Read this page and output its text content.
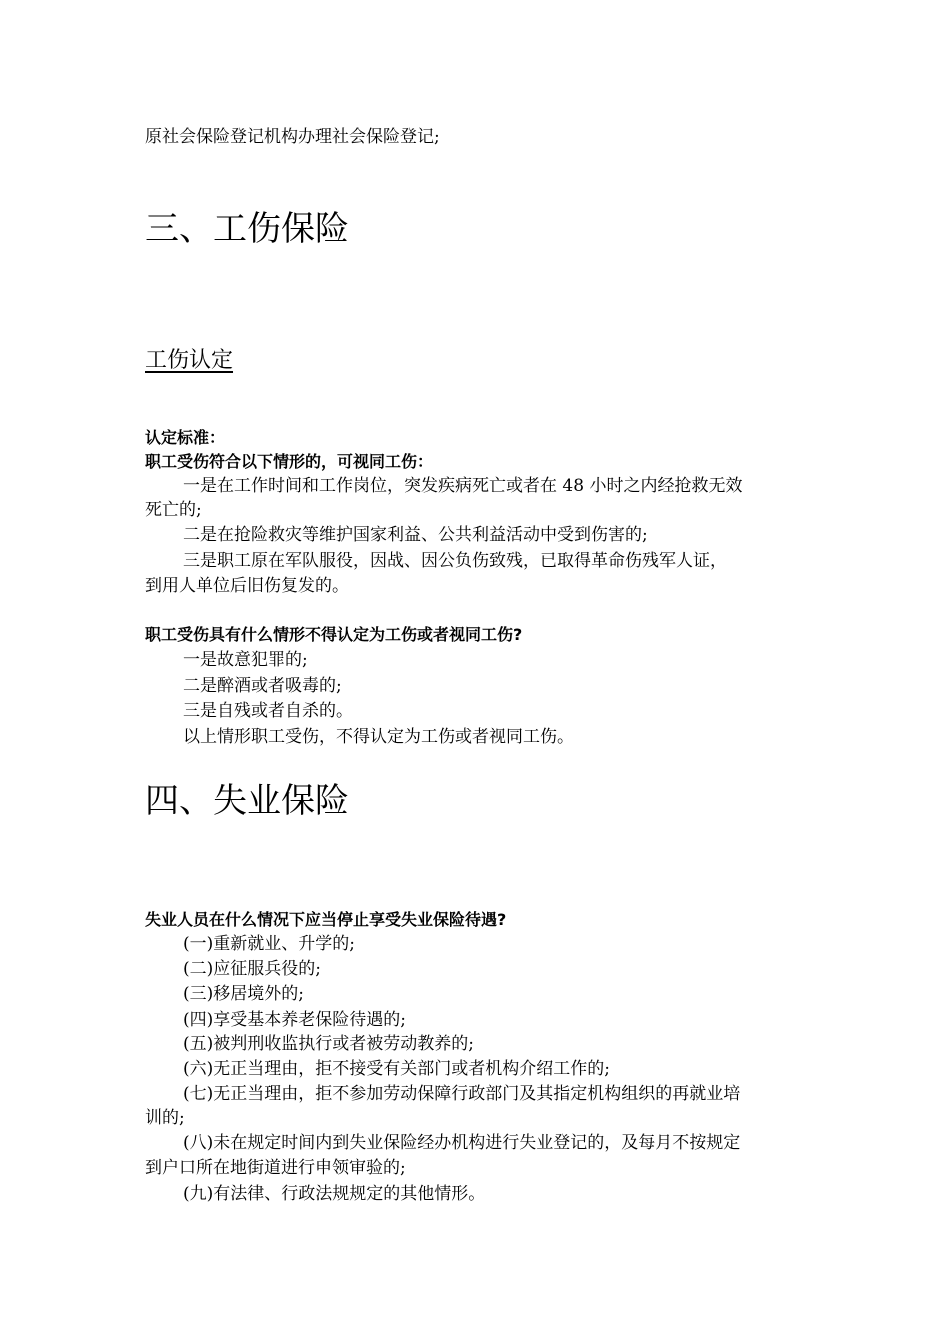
原社会保险登记机构办理社会保险登记;
三、工伤保险
工伤认定
认定标准：
职工受伤符合以下情形的，可视同工伤：
一是在工作时间和工作岗位，突发疾病死亡或者在 48 小时之内经抢救无效
死亡的;
二是在抢险救灾等维护国家利益、公共利益活动中受到伤害的;
三是职工原在军队服役，因战、因公负伤致残，已取得革命伤残军人证，
到用人单位后旧伤复发的。
职工受伤具有什么情形不得认定为工伤或者视同工伤?
一是故意犯罪的;
二是醉酒或者吸毒的;
三是自残或者自杀的。
以上情形职工受伤，不得认定为工伤或者视同工伤。
四、失业保险
失业人员在什么情况下应当停止享受失业保险待遇?
(一)重新就业、升学的;
(二)应征服兵役的;
(三)移居境外的;
(四)享受基本养老保险待遇的;
(五)被判刑收监执行或者被劳动教养的;
(六)无正当理由，拒不接受有关部门或者机构介绍工作的;
(七)无正当理由，拒不参加劳动保障行政部门及其指定机构组织的再就业培
训的;
(八)未在规定时间内到失业保险经办机构进行失业登记的，及每月不按规定
到户口所在地街道进行申领审验的;
(九)有法律、行政法规规定的其他情形。
